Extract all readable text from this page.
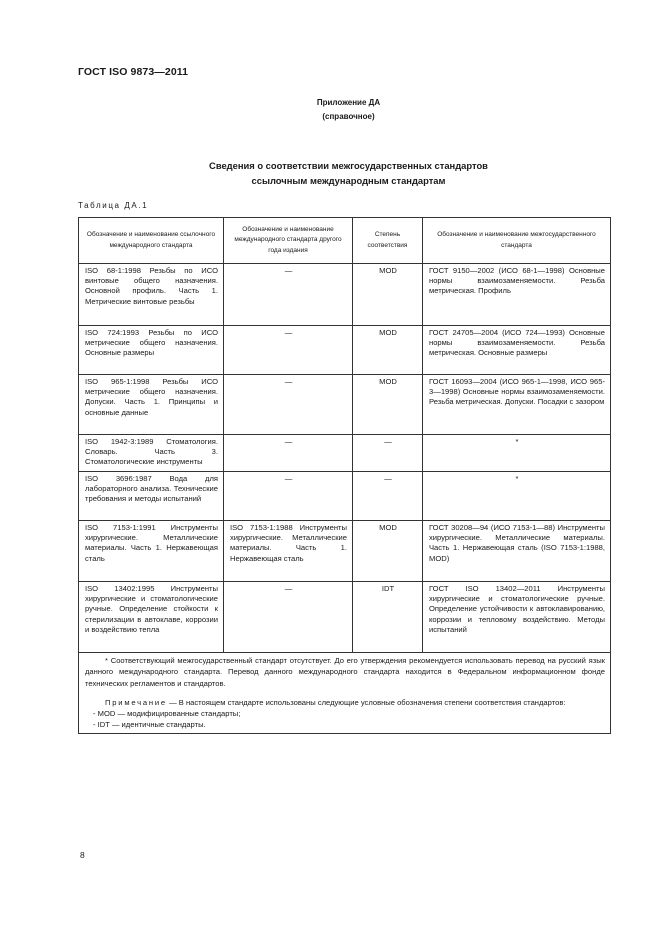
ГОСТ ISO 9873—2011
Приложение ДА
(справочное)
Сведения о соответствии межгосударственных стандартов
ссылочным международным стандартам
Таблица ДА.1
Обозначение и наименование ссылочного международного стандарта	Обозначение и наименование международного стандарта другого года издания	Степень соответствия	Обозначение и наименование межгосударственного стандарта
ISO 68-1:1998 Резьбы по ИСО винтовые общего назначения. Основной профиль. Часть 1. Метрические винтовые резьбы	—	MOD	ГОСТ 9150—2002 (ИСО 68-1—1998) Основные нормы взаимозаменяемости. Резьба метрическая. Профиль
ISO 724:1993 Резьбы по ИСО метрические общего назначения. Основные размеры	—	MOD	ГОСТ 24705—2004 (ИСО 724—1993) Основные нормы взаимозаменяемости. Резьба метрическая. Основные размеры
ISO 965-1:1998 Резьбы ИСО метрические общего назначения. Допуски. Часть 1. Принципы и основные данные	—	MOD	ГОСТ 16093—2004 (ИСО 965-1—1998, ИСО 965-3—1998) Основные нормы взаимозаменяемости. Резьба метрическая. Допуски. Посадки с зазором
ISO 1942-3:1989 Стоматология. Словарь. Часть 3. Стоматологические инструменты	—	—	*
ISO 3696:1987 Вода для лабораторного анализа. Технические требования и методы испытаний	—	—	*
ISO 7153-1:1991 Инструменты хирургические. Металлические материалы. Часть 1. Нержавеющая сталь	ISO 7153-1:1988 Инструменты хирургические. Металлические материалы. Часть 1. Нержавеющая сталь	MOD	ГОСТ 30208—94 (ИСО 7153-1—88) Инструменты хирургические. Металлические материалы. Часть 1. Нержавеющая сталь (ISO 7153-1:1988, MOD)
ISO 13402:1995 Инструменты хирургические и стоматологические ручные. Определение стойкости к стерилизации в автоклаве, коррозии и воздействию тепла	—	IDT	ГОСТ ISO 13402—2011 Инструменты хирургические и стоматологические ручные. Определение устойчивости к автоклавированию, коррозии и тепловому воздействию. Методы испытаний

* Соответствующий межгосударственный стандарт отсутствует. До его утверждения рекомендуется использовать перевод на русский язык данного международного стандарта. Перевод данного международного стандарта находится в Федеральном информационном фонде технических регламентов и стандартов.

Примечание — В настоящем стандарте использованы следующие условные обозначения степени соответствия стандартов:

- MOD — модифицированные стандарты;
- IDT — идентичные стандарты.			
8
